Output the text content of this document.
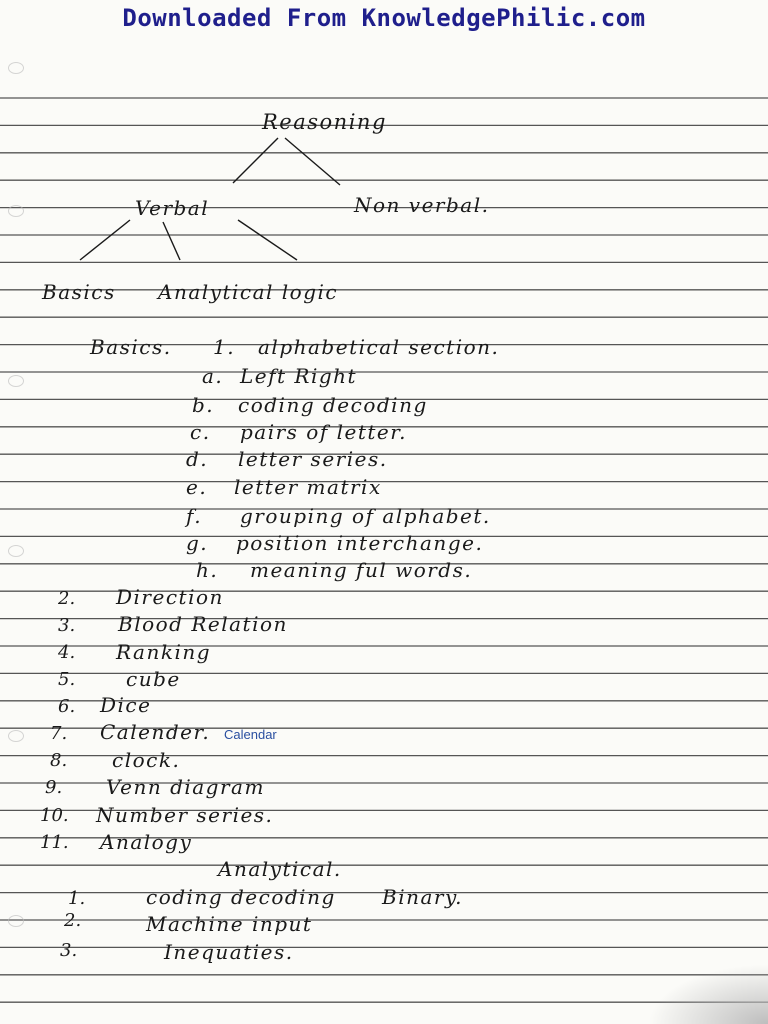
Downloaded From KnowledgePhilic.com
Reasoning
Verbal	Non verbal.
Basics Analytical logic
Basics. 1. alphabetical section.
a. Left Right
b. coding decoding
c. pairs of letter.
d. letter series.
e. letter matrix
f. grouping of alphabet.
g. position interchange.
h. meaning ful words.
2. Direction
3. Blood Relation
4. Ranking
5.	cube
6. Dice
7. Calender. Calendar
8. clock.
9. Venn diagram
10. Number series.
11. Analogy
Analytical.
1.	coding decoding Binary.
2.	Machine input
3.	Inequaties.
